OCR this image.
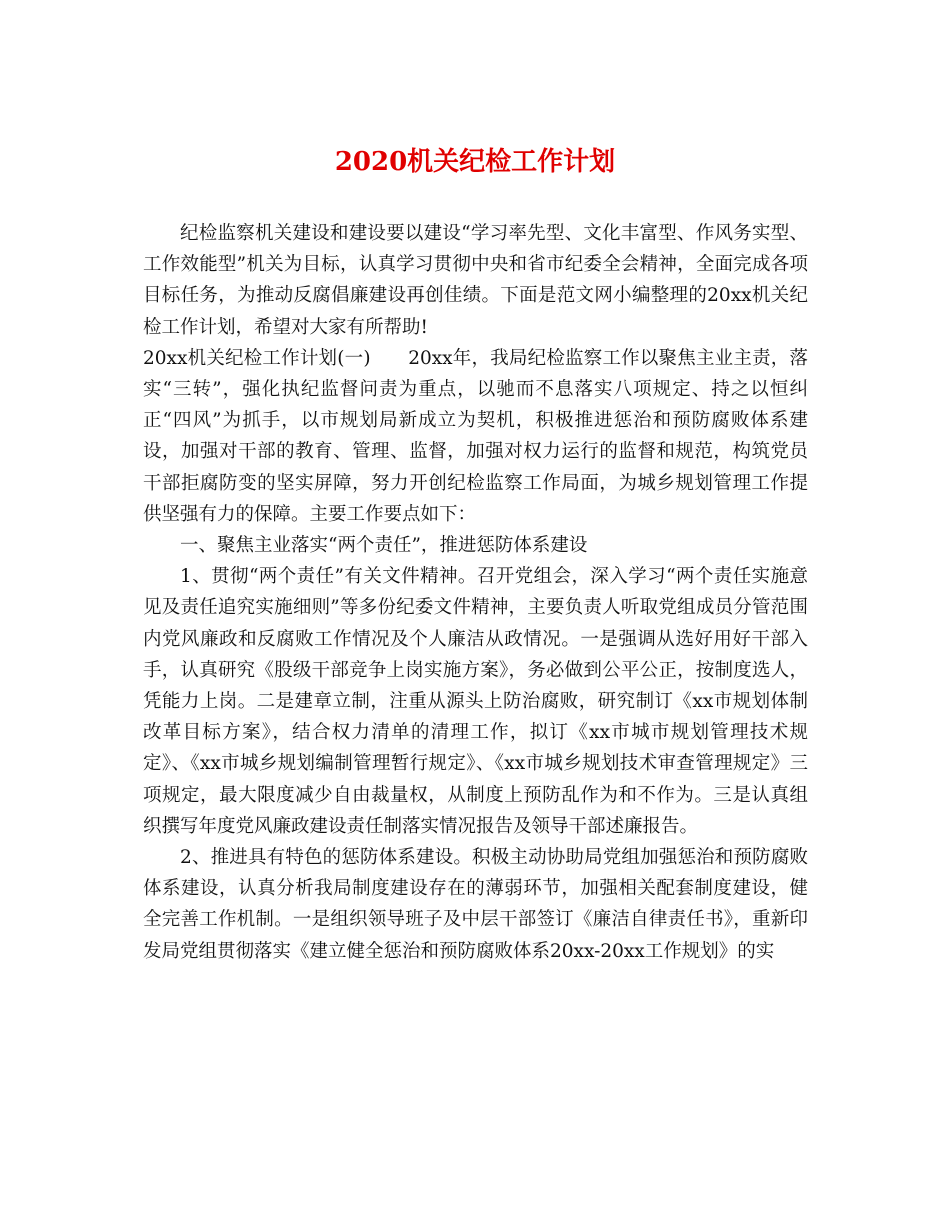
2020机关纪检工作计划

纪检监察机关建设和建设要以建设“学习率先型、文化丰富型、作风务实型、工作效能型”机关为目标，认真学习贯彻中央和省市纪委全会精神，全面完成各项目标任务，为推动反腐倡廉建设再创佳绩。下面是范文网小编整理的20xx机关纪检工作计划，希望对大家有所帮助!

20xx机关纪检工作计划(一)　　20xx年，我局纪检监察工作以聚焦主业主责，落实“三转”，强化执纪监督问责为重点，以驰而不息落实八项规定、持之以恒纠正“四风”为抓手，以市规划局新成立为契机，积极推进惩治和预防腐败体系建设，加强对干部的教育、管理、监督，加强对权力运行的监督和规范，构筑党员干部拒腐防变的坚实屏障，努力开创纪检监察工作局面，为城乡规划管理工作提供坚强有力的保障。主要工作要点如下：

一、聚焦主业落实“两个责任”，推进惩防体系建设

1、贯彻“两个责任”有关文件精神。召开党组会，深入学习“两个责任实施意见及责任追究实施细则”等多份纪委文件精神，主要负责人听取党组成员分管范围内党风廉政和反腐败工作情况及个人廉洁从政情况。一是强调从选好用好干部入手，认真研究《股级干部竞争上岗实施方案》，务必做到公平公正，按制度选人，凭能力上岗。二是建章立制，注重从源头上防治腐败，研究制订《xx市规划体制改革目标方案》，结合权力清单的清理工作，拟订《xx市城市规划管理技术规定》、《xx市城乡规划编制管理暂行规定》、《xx市城乡规划技术审查管理规定》三项规定，最大限度减少自由裁量权，从制度上预防乱作为和不作为。三是认真组织撰写年度党风廉政建设责任制落实情况报告及领导干部述廉报告。

2、推进具有特色的惩防体系建设。积极主动协助局党组加强惩治和预防腐败体系建设，认真分析我局制度建设存在的薄弱环节，加强相关配套制度建设，健全完善工作机制。一是组织领导班子及中层干部签订《廉洁自律责任书》，重新印发局党组贯彻落实《建立健全惩治和预防腐败体系20xx-20xx工作规划》的实
